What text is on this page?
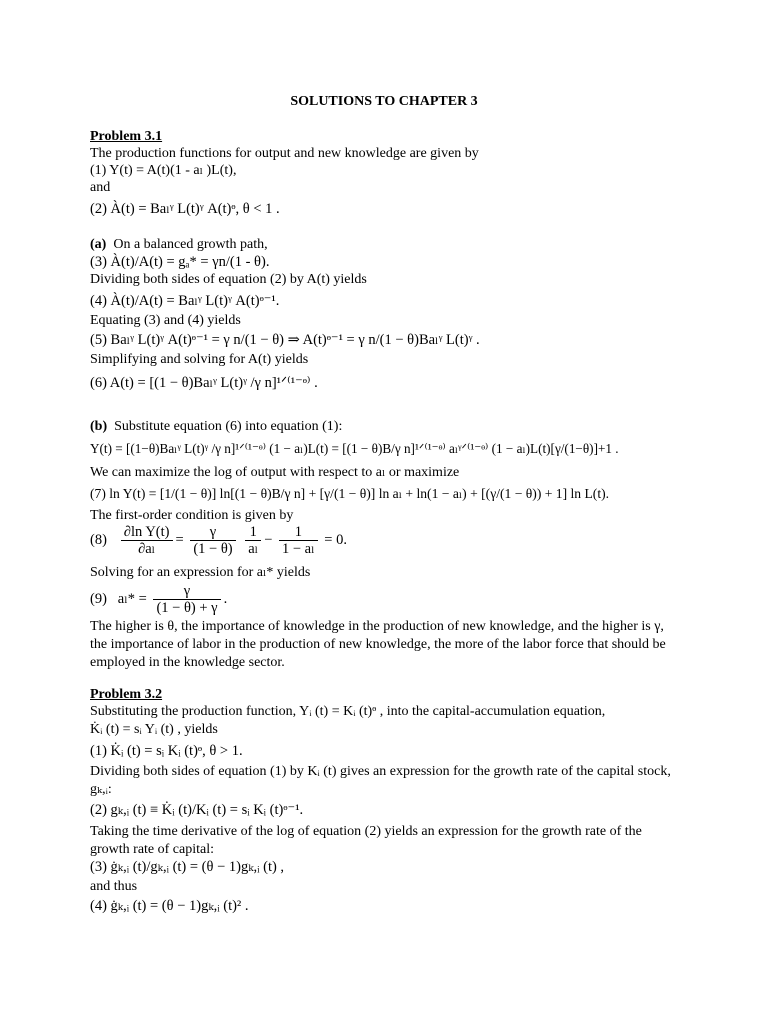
SOLUTIONS TO CHAPTER 3
Problem 3.1
The production functions for output and new knowledge are given by
(1) Y(t) = A(t)(1 - aₗ )L(t),
and
(2) À(t) = Baₗᵞ L(t)ᵞ A(t)ᶱ, θ < 1 .
(a) On a balanced growth path,
(3) À(t)/A(t) = gₐ* = γn/(1 - θ).
Dividing both sides of equation (2) by A(t) yields
(4) À(t)/A(t) = Baₗᵞ L(t)ᵞ A(t)ᶱ⁻¹.
Equating (3) and (4) yields
(5) Baₗᵞ L(t)ᵞ A(t)ᶱ⁻¹ = γ n/(1 − θ) ⇒ A(t)ᶱ⁻¹ = γ n/(1 − θ)Baₗᵞ L(t)ᵞ .
Simplifying and solving for A(t) yields
(6) A(t) = [(1 − θ)Baₗᵞ L(t)ᵞ /γ n]¹ᐟ⁽¹⁻ᶱ⁾ .
(b) Substitute equation (6) into equation (1):
Y(t) = [(1−θ)Baₗᵞ L(t)ᵞ /γ n]¹ᐟ⁽¹⁻ᶱ⁾ (1 − aₗ)L(t) = [(1 − θ)B/γ n]¹ᐟ⁽¹⁻ᶱ⁾ aₗᵞᐟ⁽¹⁻ᶱ⁾ (1 − aₗ)L(t)[γ/(1−θ)]+1 .
We can maximize the log of output with respect to aₗ or maximize
(7) ln Y(t) = [1/(1 − θ)] ln[(1 − θ)B/γ n] + [γ/(1 − θ)] ln aₗ + ln(1 − aₗ) + [(γ/(1 − θ)) + 1] ln L(t).
The first-order condition is given by
$(8) \frac{\text{∂ln Y(t)}}{\text{∂aₗ}} = \frac{\gamma}{(1 - \theta)}$
$\frac{1}{\text{aₗ}} - \frac{1}{\text{1 − aₗ}} = 0$.
Solving for an expression for aₗ* yields
(9) $a_l* = \frac{\gamma}{(1 - \theta) + \gamma}$ .
The higher is θ, the importance of knowledge in the production of new knowledge, and the higher is γ,
the importance of labor in the production of new knowledge, the more of the labor force that should be
employed in the knowledge sector.
Problem 3.2
Substituting the production function, Yᵢ (t) = Kᵢ (t)ᶱ , into the capital-accumulation equation,
K̇ᵢ (t) = sᵢ Yᵢ (t) , yields
(1) K̇ᵢ (t) = sᵢ Kᵢ (t)ᶱ, θ > 1.
Dividing both sides of equation (1) by Kᵢ (t) gives an expression for the growth rate of the capital stock,
gₖ,ᵢ:
(2) gₖ,ᵢ (t) ≡ K̇ᵢ (t)/Kᵢ (t) = sᵢ Kᵢ (t)ᶱ⁻¹.
Taking the time derivative of the log of equation (2) yields an expression for the growth rate of the
growth rate of capital:
(3) ġₖ,ᵢ (t)/gₖ,ᵢ (t) = (θ − 1)gₖ,ᵢ (t) ,
and thus
(4) ġₖ,ᵢ (t) = (θ − 1)gₖ,ᵢ (t)² .
